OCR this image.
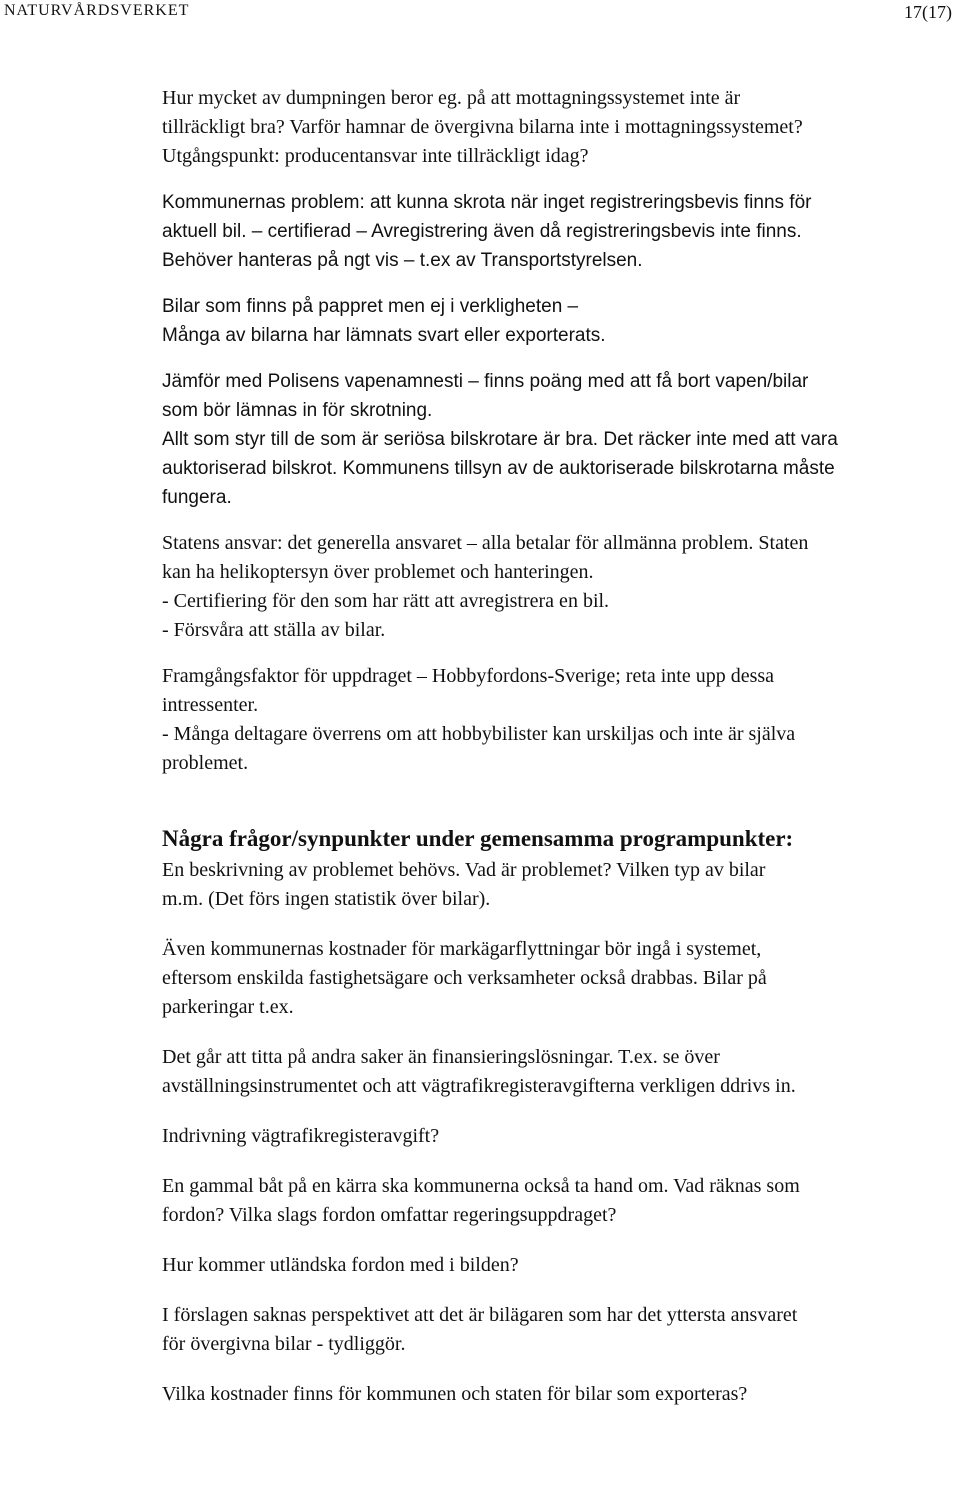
NATURVÅRDSVERKET	17(17)

Hur mycket av dumpningen beror eg. på att mottagningssystemet inte är
tillräckligt bra? Varför hamnar de övergivna bilarna inte i mottagningssystemet?
Utgångspunkt: producentansvar inte tillräckligt idag?

Kommunernas problem: att kunna skrota när inget registreringsbevis finns för
aktuell bil. – certifierad – Avregistrering även då registreringsbevis inte finns.
Behöver hanteras på ngt vis – t.ex av Transportstyrelsen.

Bilar som finns på pappret men ej i verkligheten –
Många av bilarna har lämnats svart eller exporterats.

Jämför med Polisens vapenamnesti – finns poäng med att få bort vapen/bilar
som bör lämnas in för skrotning.
Allt som styr till de som är seriösa bilskrotare är bra. Det räcker inte med att vara
auktoriserad bilskrot. Kommunens tillsyn av de auktoriserade bilskrotarna måste
fungera.

Statens ansvar: det generella ansvaret – alla betalar för allmänna problem. Staten
kan ha helikoptersyn över problemet och hanteringen.
- Certifiering för den som har rätt att avregistrera en bil.
- Försvåra att ställa av bilar.

Framgångsfaktor för uppdraget – Hobbyfordons-Sverige; reta inte upp dessa
intressenter.
- Många deltagare överrens om att hobbybilister kan urskiljas och inte är själva
problemet.

Några frågor/synpunkter under gemensamma programpunkter:

En beskrivning av problemet behövs. Vad är problemet? Vilken typ av bilar
m.m. (Det förs ingen statistik över bilar).

Även kommunernas kostnader för markägarflyttningar bör ingå i systemet,
eftersom enskilda fastighetsägare och verksamheter också drabbas. Bilar på
parkeringar t.ex.

Det går att titta på andra saker än finansieringslösningar. T.ex. se över
avställningsinstrumentet och att vägtrafikregisteravgifterna verkligen ddrivs in.

Indrivning vägtrafikregisteravgift?

En gammal båt på en kärra ska kommunerna också ta hand om. Vad räknas som
fordon? Vilka slags fordon omfattar regeringsuppdraget?

Hur kommer utländska fordon med i bilden?

I förslagen saknas perspektivet att det är bilägaren som har det yttersta ansvaret
för övergivna bilar - tydliggör.

Vilka kostnader finns för kommunen och staten för bilar som exporteras?
